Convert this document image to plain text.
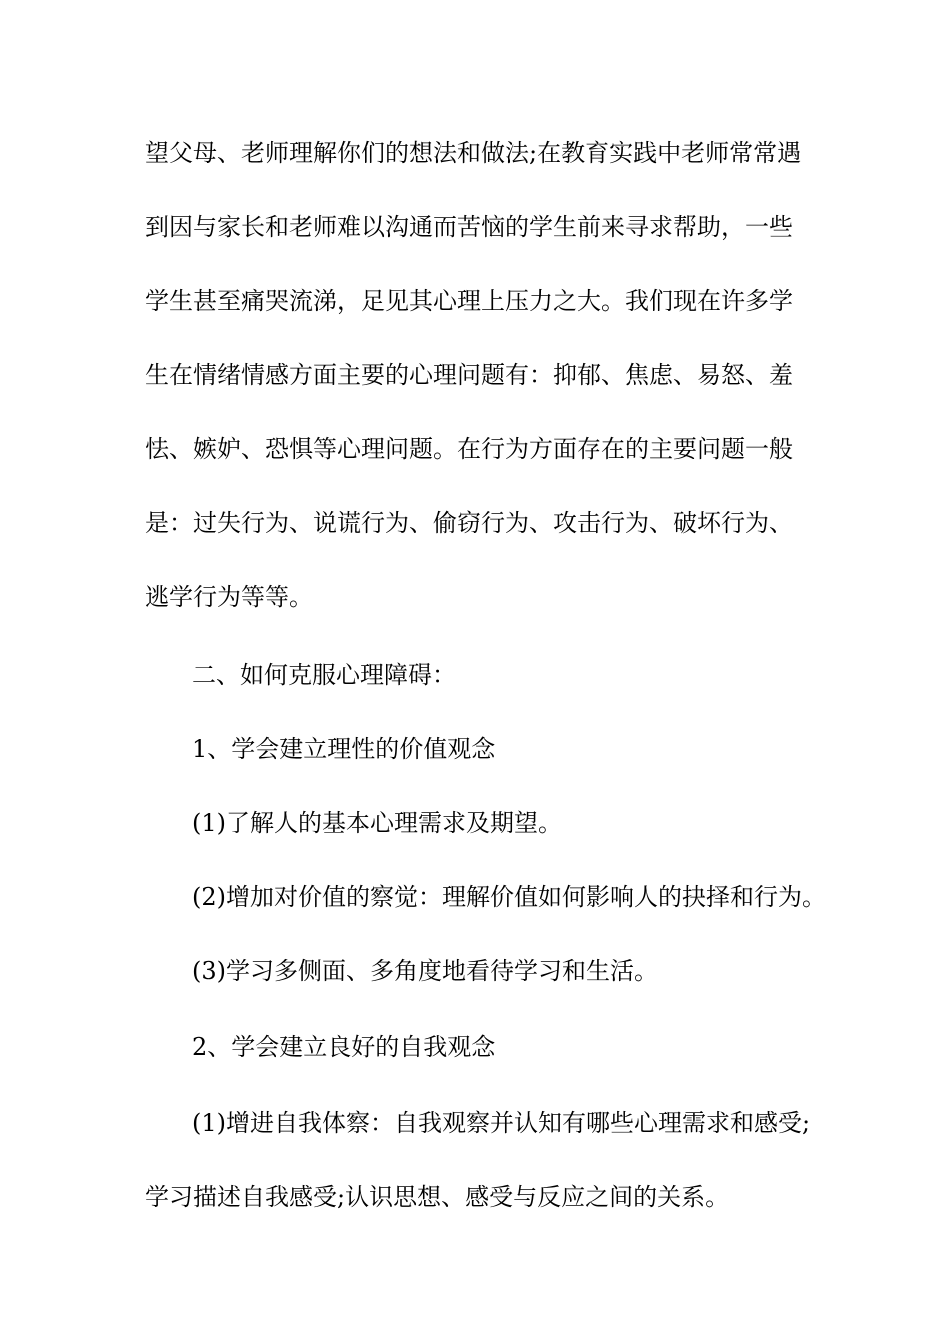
望父母、老师理解你们的想法和做法;在教育实践中老师常常遇
到因与家长和老师难以沟通而苦恼的学生前来寻求帮助，一些
学生甚至痛哭流涕，足见其心理上压力之大。我们现在许多学
生在情绪情感方面主要的心理问题有：抑郁、焦虑、易怒、羞
怯、嫉妒、恐惧等心理问题。在行为方面存在的主要问题一般
是：过失行为、说谎行为、偷窃行为、攻击行为、破坏行为、
逃学行为等等。
二、如何克服心理障碍：
1、学会建立理性的价值观念
(1)了解人的基本心理需求及期望。
(2)增加对价值的察觉：理解价值如何影响人的抉择和行为。
(3)学习多侧面、多角度地看待学习和生活。
2、学会建立良好的自我观念
(1)增进自我体察：自我观察并认知有哪些心理需求和感受;
学习描述自我感受;认识思想、感受与反应之间的关系。
